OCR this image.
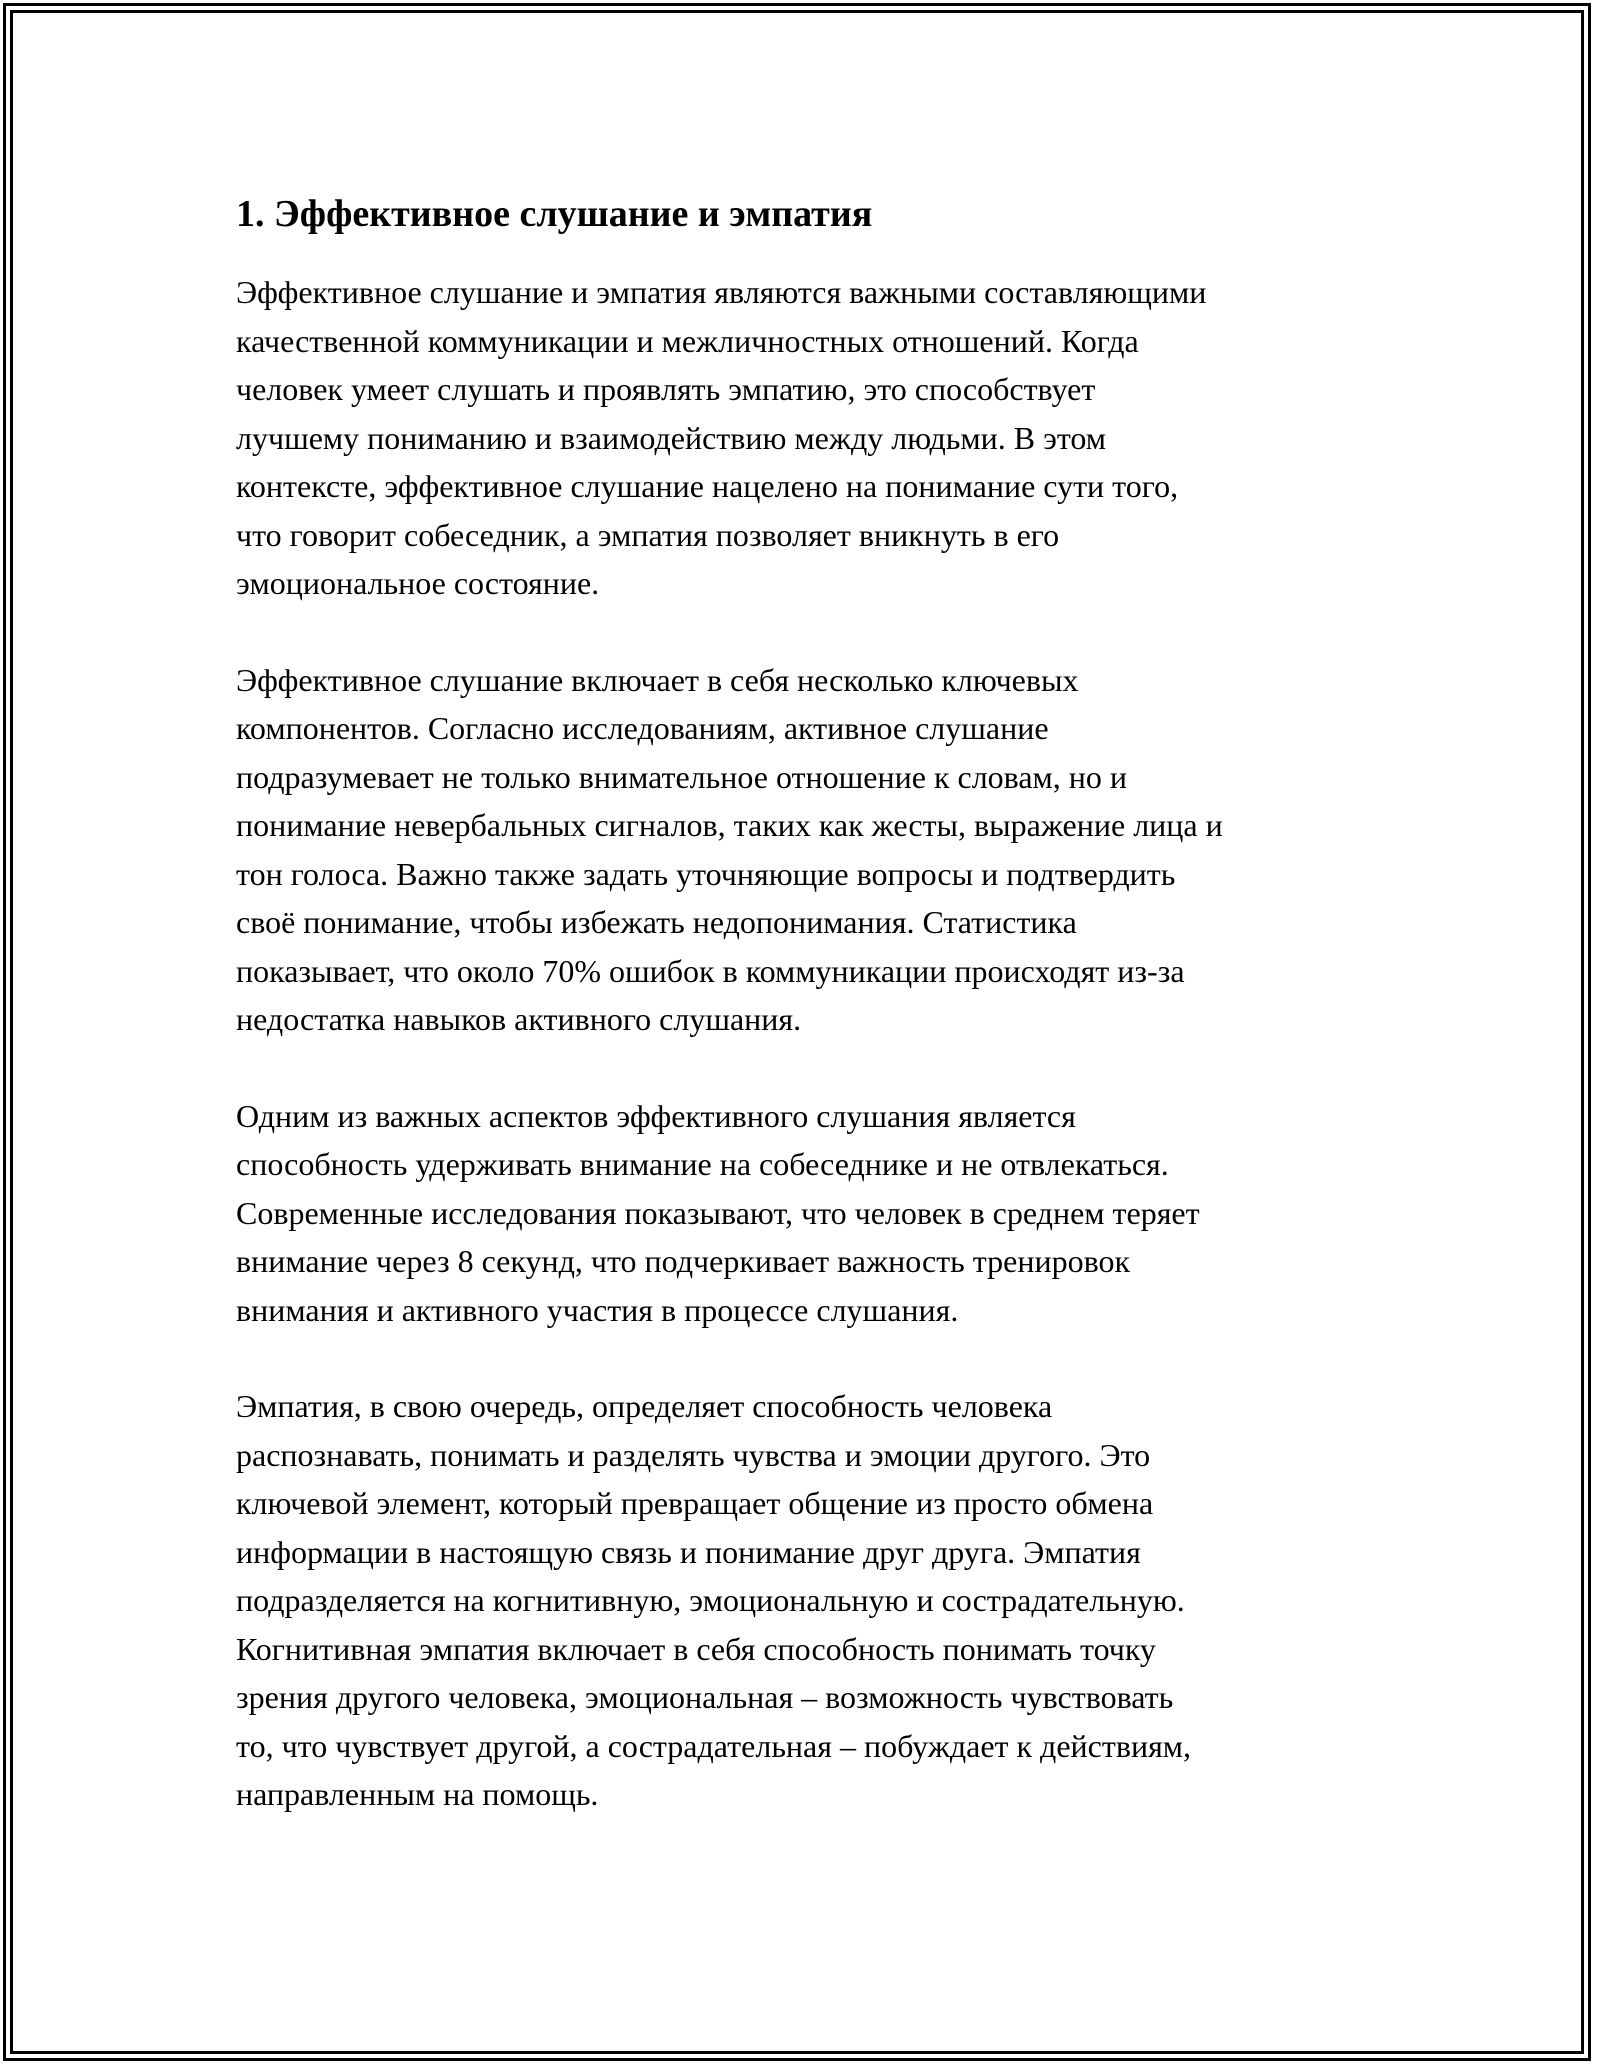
1. Эффективное слушание и эмпатия

Эффективное слушание и эмпатия являются важными составляющими
качественной коммуникации и межличностных отношений. Когда
человек умеет слушать и проявлять эмпатию, это способствует
лучшему пониманию и взаимодействию между людьми. В этом
контексте, эффективное слушание нацелено на понимание сути того,
что говорит собеседник, а эмпатия позволяет вникнуть в его
эмоциональное состояние.

Эффективное слушание включает в себя несколько ключевых
компонентов. Согласно исследованиям, активное слушание
подразумевает не только внимательное отношение к словам, но и
понимание невербальных сигналов, таких как жесты, выражение лица и
тон голоса. Важно также задать уточняющие вопросы и подтвердить
своё понимание, чтобы избежать недопонимания. Статистика
показывает, что около 70% ошибок в коммуникации происходят из-за
недостатка навыков активного слушания.

Одним из важных аспектов эффективного слушания является
способность удерживать внимание на собеседнике и не отвлекаться.
Современные исследования показывают, что человек в среднем теряет
внимание через 8 секунд, что подчеркивает важность тренировок
внимания и активного участия в процессе слушания.

Эмпатия, в свою очередь, определяет способность человека
распознавать, понимать и разделять чувства и эмоции другого. Это
ключевой элемент, который превращает общение из просто обмена
информации в настоящую связь и понимание друг друга. Эмпатия
подразделяется на когнитивную, эмоциональную и сострадательную.
Когнитивная эмпатия включает в себя способность понимать точку
зрения другого человека, эмоциональная – возможность чувствовать
то, что чувствует другой, а сострадательная – побуждает к действиям,
направленным на помощь.
